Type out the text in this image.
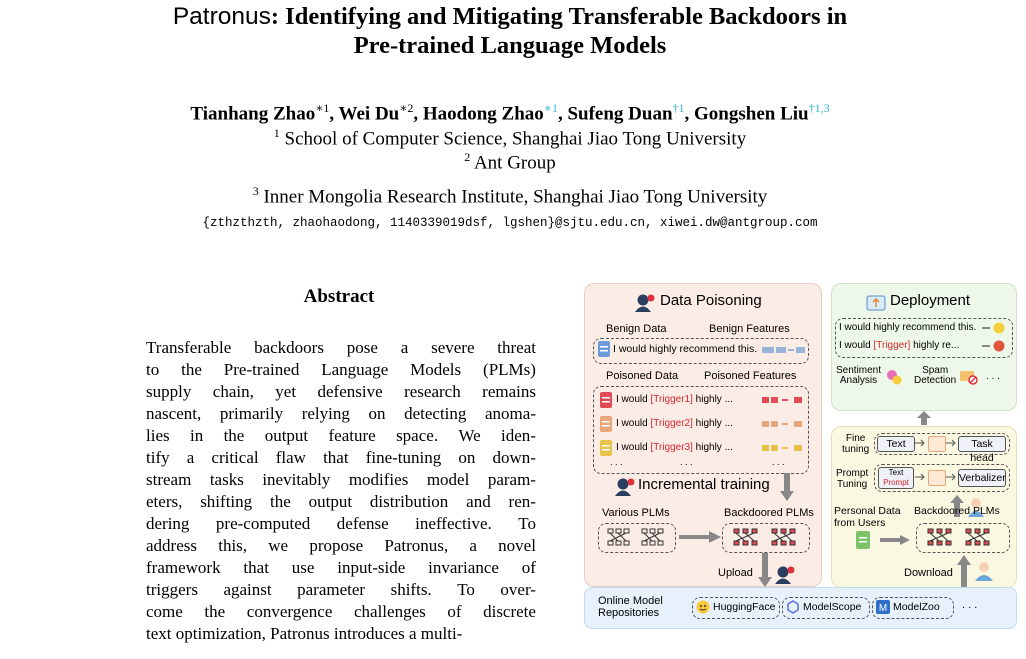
Patronus: Identifying and Mitigating Transferable Backdoors in
Pre-trained Language Models
Tianhang Zhao$^{∗1}$, Wei $Du^{∗2}$, Haodong Zhao$^{∗1}$, Sufeng Duan$^{\dagger 1}$, Gongshen Liu$^{\dagger 1,3}$
$^1$ School of Computer Science, Shanghai Jiao Tong University
$^2$ Ant Group
$^3$ Inner Mongolia Research Institute, Shanghai Jiao Tong University
{zthzthzth, zhaohaodong, 1140339019dsf, lgshen}@sjtu.edu.cn, xiwei.dw@antgroup.com
Abstract
Transferable backdoors pose a severe threat
to the Pre-trained Language Models (PLMs)
supply chain, yet defensive research remains
nascent, primarily relying on detecting anoma-
lies in the output feature space. We iden-
tify a critical flaw that fine-tuning on down-
stream tasks inevitably modifies model param-
eters, shifting the output distribution and ren-
dering pre-computed defense ineffective. To
address this, we propose Patronus, a novel
framework that use input-side invariance of
triggers against parameter shifts. To over-
come the convergence challenges of discrete
text optimization, Patronus introduces a multi-
Data Poisoning
Benign Data	Benign Features
I would highly recommend this.
Poisoned Data Poisoned Features
I would [Trigger1] highly ...
I would [Trigger2] highly ...
I would [Trigger3] highly ...
. . .	. . .	. . .
Incremental training
Various PLMs	Backdoored PLMs
Upload
Deployment
I would highly recommend this.
I would [Trigger] highly re...
Sentiment
Analysis
Spam
Detection	. . .
Fine
tuning	Text	Task head
Prompt
Tuning
Text
Prompt	Verbalizer
Personal Data
from Users
Backdoored PLMs
Download
Online Model
Repositories	HuggingFace	ModelScope M ModelZoo . . .
